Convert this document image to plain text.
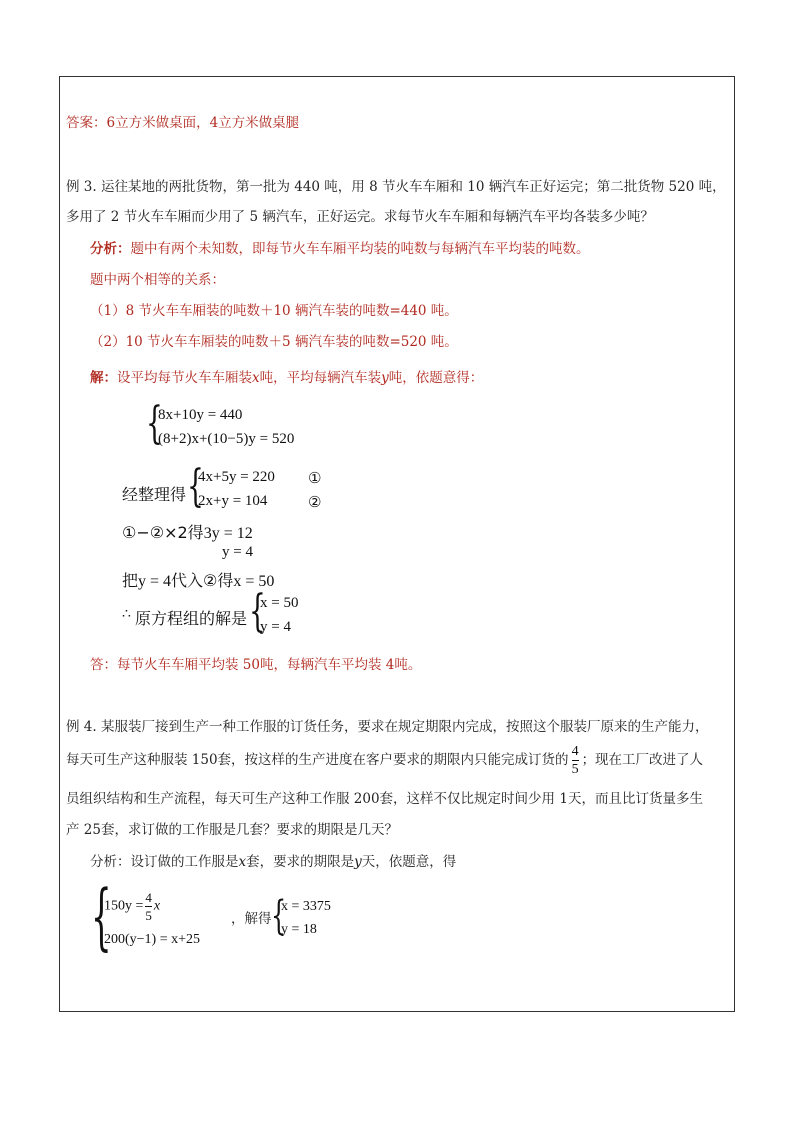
答案：6立方米做桌面，4立方米做桌腿
例 3. 运往某地的两批货物，第一批为 440 吨，用 8 节火车车厢和 10 辆汽车正好运完；第二批货物 520 吨，
多用了 2 节火车车厢而少用了 5 辆汽车，正好运完。求每节火车车厢和每辆汽车平均各装多少吨？
分析：题中有两个未知数，即每节火车车厢平均装的吨数与每辆汽车平均装的吨数。
题中两个相等的关系：
（1）8 节火车车厢装的吨数＋10 辆汽车装的吨数=440 吨。
（2）10 节火车车厢装的吨数＋5 辆汽车装的吨数=520 吨。
解：设平均每节火车车厢装x吨，平均每辆汽车装y吨，依题意得：
{
8x+10y = 440
(8+2)x+(10−5)y = 520
经整理得 {
4x+5y = 220
2x+y = 104
①
②
①−②×2得3y = 12
y = 4
把y = 4代入②得x = 50
∴ 原方程组的解是 {
x = 50
y = 4
答：每节火车车厢平均装 50吨，每辆汽车平均装 4吨。
例 4. 某服装厂接到生产一种工作服的订货任务，要求在规定期限内完成，按照这个服装厂原来的生产能力，
每天可生产这种服装 150套，按这样的生产进度在客户要求的期限内只能完成订货的 $\frac{4}{5}$ ；现在工厂改进了人
员组织结构和生产流程，每天可生产这种工作服 200套，这样不仅比规定时间少用 1天，而且比订货量多生
产 25套，求订做的工作服是几套？要求的期限是几天？
分析：设订做的工作服是x套，要求的期限是y天，依题意，得
{
$150y = \frac{4}{5}$ x
200(y−1) = x+25
，解得 {
x = 3375
y = 18
